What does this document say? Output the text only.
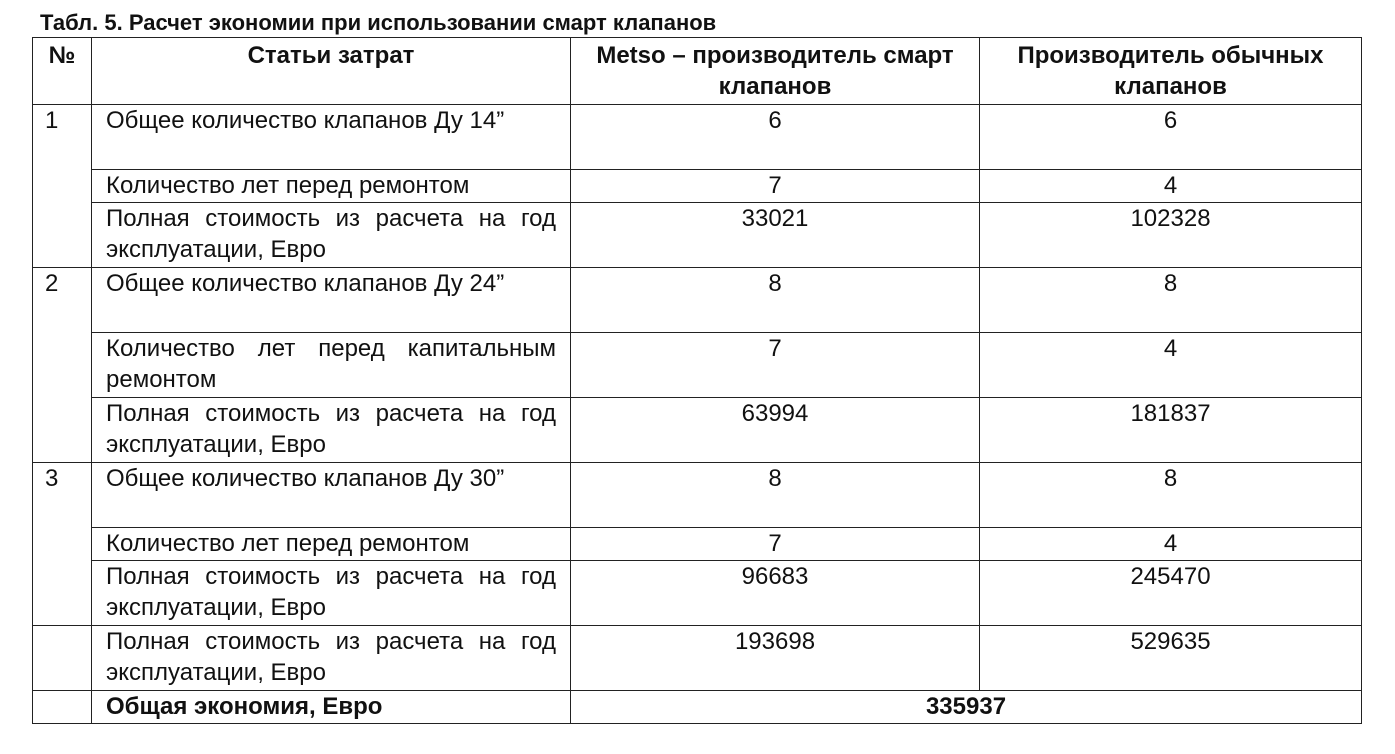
Табл. 5. Расчет экономии при использовании смарт клапанов
№	Статьи затрат	Metso – производитель смарт клапанов	Производитель обычных клапанов
1	Общее количество клапанов Ду 14”	6	6
	Количество лет перед ремонтом	7	4
	Полная стоимость из расчета на год эксплуатации, Евро	33021	102328
2	Общее количество клапанов Ду 24”	8	8
	Количество лет перед капитальным ремонтом	7	4
	Полная стоимость из расчета на год эксплуатации, Евро	63994	181837
3	Общее количество клапанов Ду 30”	8	8
	Количество лет перед ремонтом	7	4
	Полная стоимость из расчета на год эксплуатации, Евро	96683	245470
	Полная стоимость из расчета на год эксплуатации, Евро	193698	529635
	Общая экономия, Евро	335937	
